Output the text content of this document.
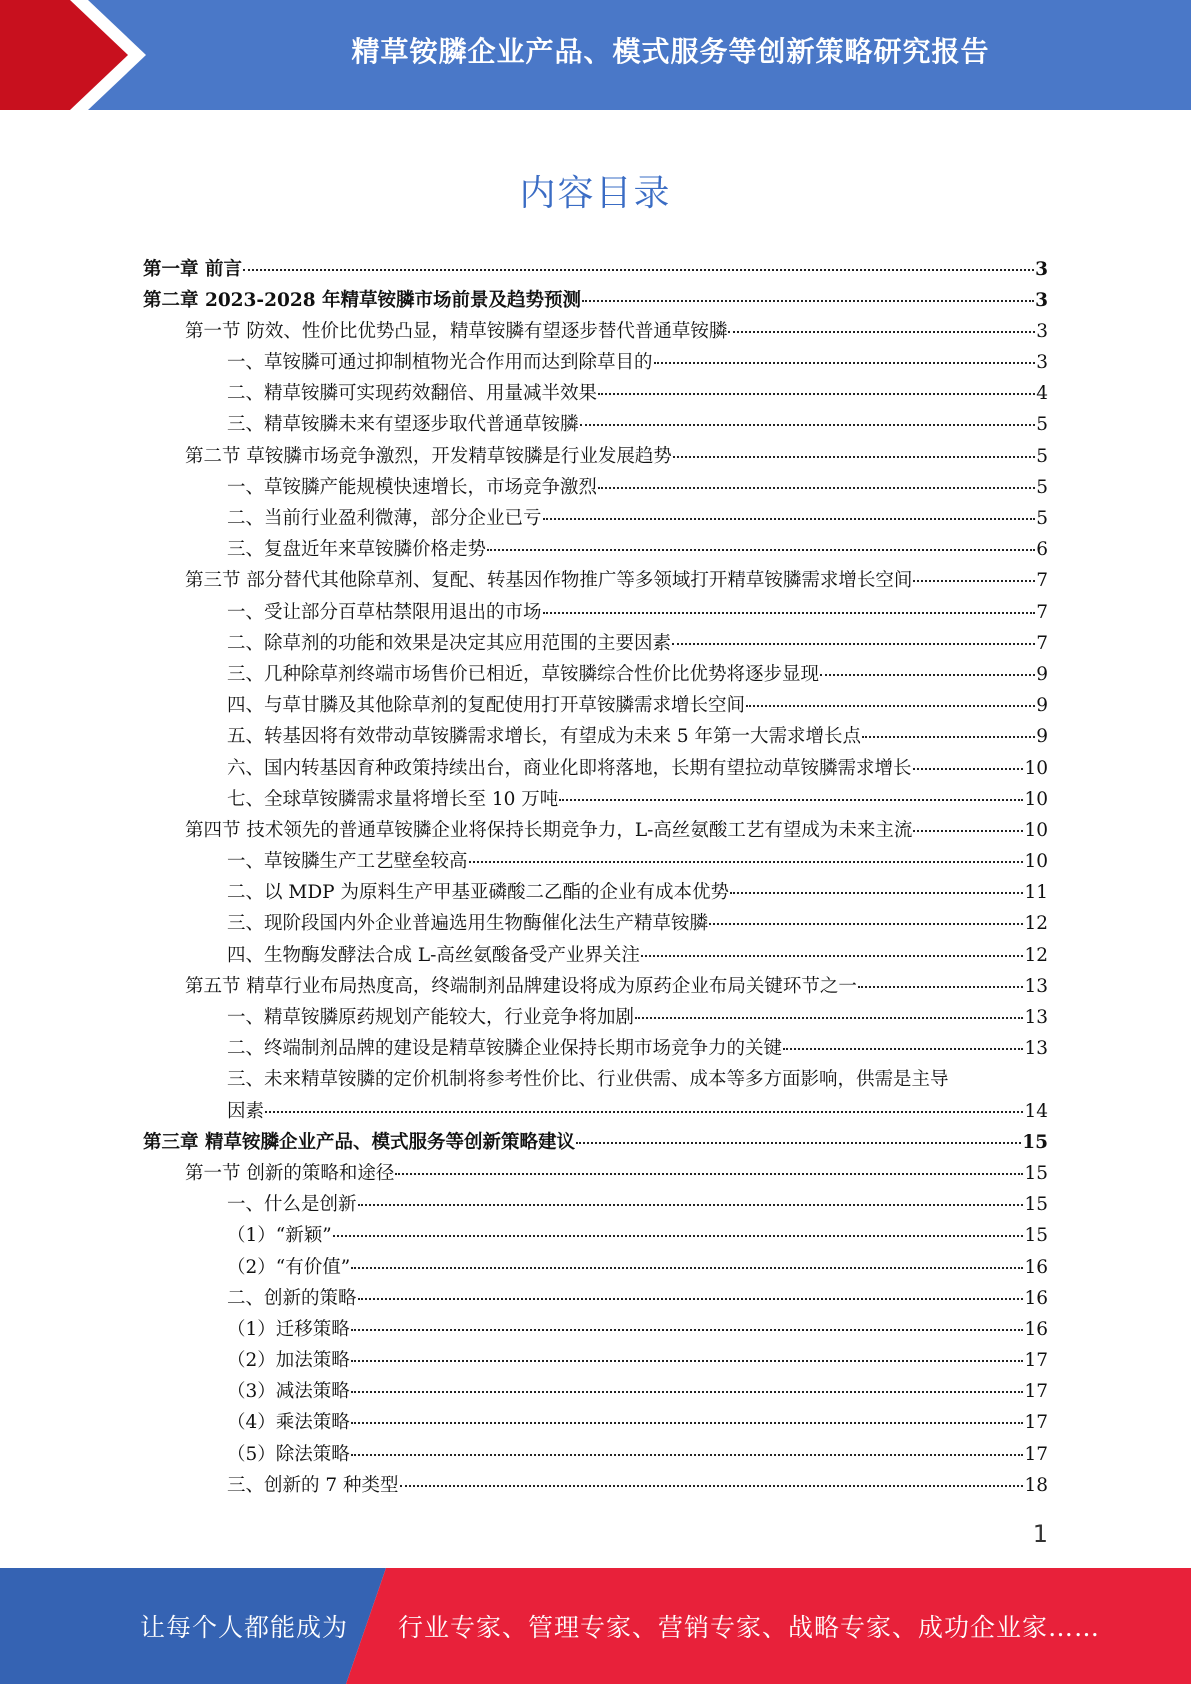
精草铵膦企业产品、模式服务等创新策略研究报告
内容目录
第一章 前言	3
第二章 2023-2028 年精草铵膦市场前景及趋势预测	3
第一节 防效、性价比优势凸显，精草铵膦有望逐步替代普通草铵膦	3
一、草铵膦可通过抑制植物光合作用而达到除草目的	3
二、精草铵膦可实现药效翻倍、用量减半效果	4
三、精草铵膦未来有望逐步取代普通草铵膦	5
第二节 草铵膦市场竞争激烈，开发精草铵膦是行业发展趋势	5
一、草铵膦产能规模快速增长，市场竞争激烈	5
二、当前行业盈利微薄，部分企业已亏	5
三、复盘近年来草铵膦价格走势	6
第三节 部分替代其他除草剂、复配、转基因作物推广等多领域打开精草铵膦需求增长空间	7
一、受让部分百草枯禁限用退出的市场	7
二、除草剂的功能和效果是决定其应用范围的主要因素	7
三、几种除草剂终端市场售价已相近，草铵膦综合性价比优势将逐步显现	9
四、与草甘膦及其他除草剂的复配使用打开草铵膦需求增长空间	9
五、转基因将有效带动草铵膦需求增长，有望成为未来 5 年第一大需求增长点	9
六、国内转基因育种政策持续出台，商业化即将落地，长期有望拉动草铵膦需求增长	10
七、全球草铵膦需求量将增长至 10 万吨	10
第四节 技术领先的普通草铵膦企业将保持长期竞争力，L-高丝氨酸工艺有望成为未来主流	10
一、草铵膦生产工艺壁垒较高	10
二、以 MDP 为原料生产甲基亚磷酸二乙酯的企业有成本优势	11
三、现阶段国内外企业普遍选用生物酶催化法生产精草铵膦	12
四、生物酶发酵法合成 L-高丝氨酸备受产业界关注	12
第五节 精草行业布局热度高，终端制剂品牌建设将成为原药企业布局关键环节之一	13
一、精草铵膦原药规划产能较大，行业竞争将加剧	13
二、终端制剂品牌的建设是精草铵膦企业保持长期市场竞争力的关键	13
三、未来精草铵膦的定价机制将参考性价比、行业供需、成本等多方面影响，供需是主导
因素	14
第三章 精草铵膦企业产品、模式服务等创新策略建议	15
第一节 创新的策略和途径	15
一、什么是创新	15
（1）“新颖”	15
（2）“有价值”	16
二、创新的策略	16
（1）迁移策略	16
（2）加法策略	17
（3）减法策略	17
（4）乘法策略	17
（5）除法策略	17
三、创新的 7 种类型	18
1
让每个人都能成为 行业专家、管理专家、营销专家、战略专家、成功企业家……
